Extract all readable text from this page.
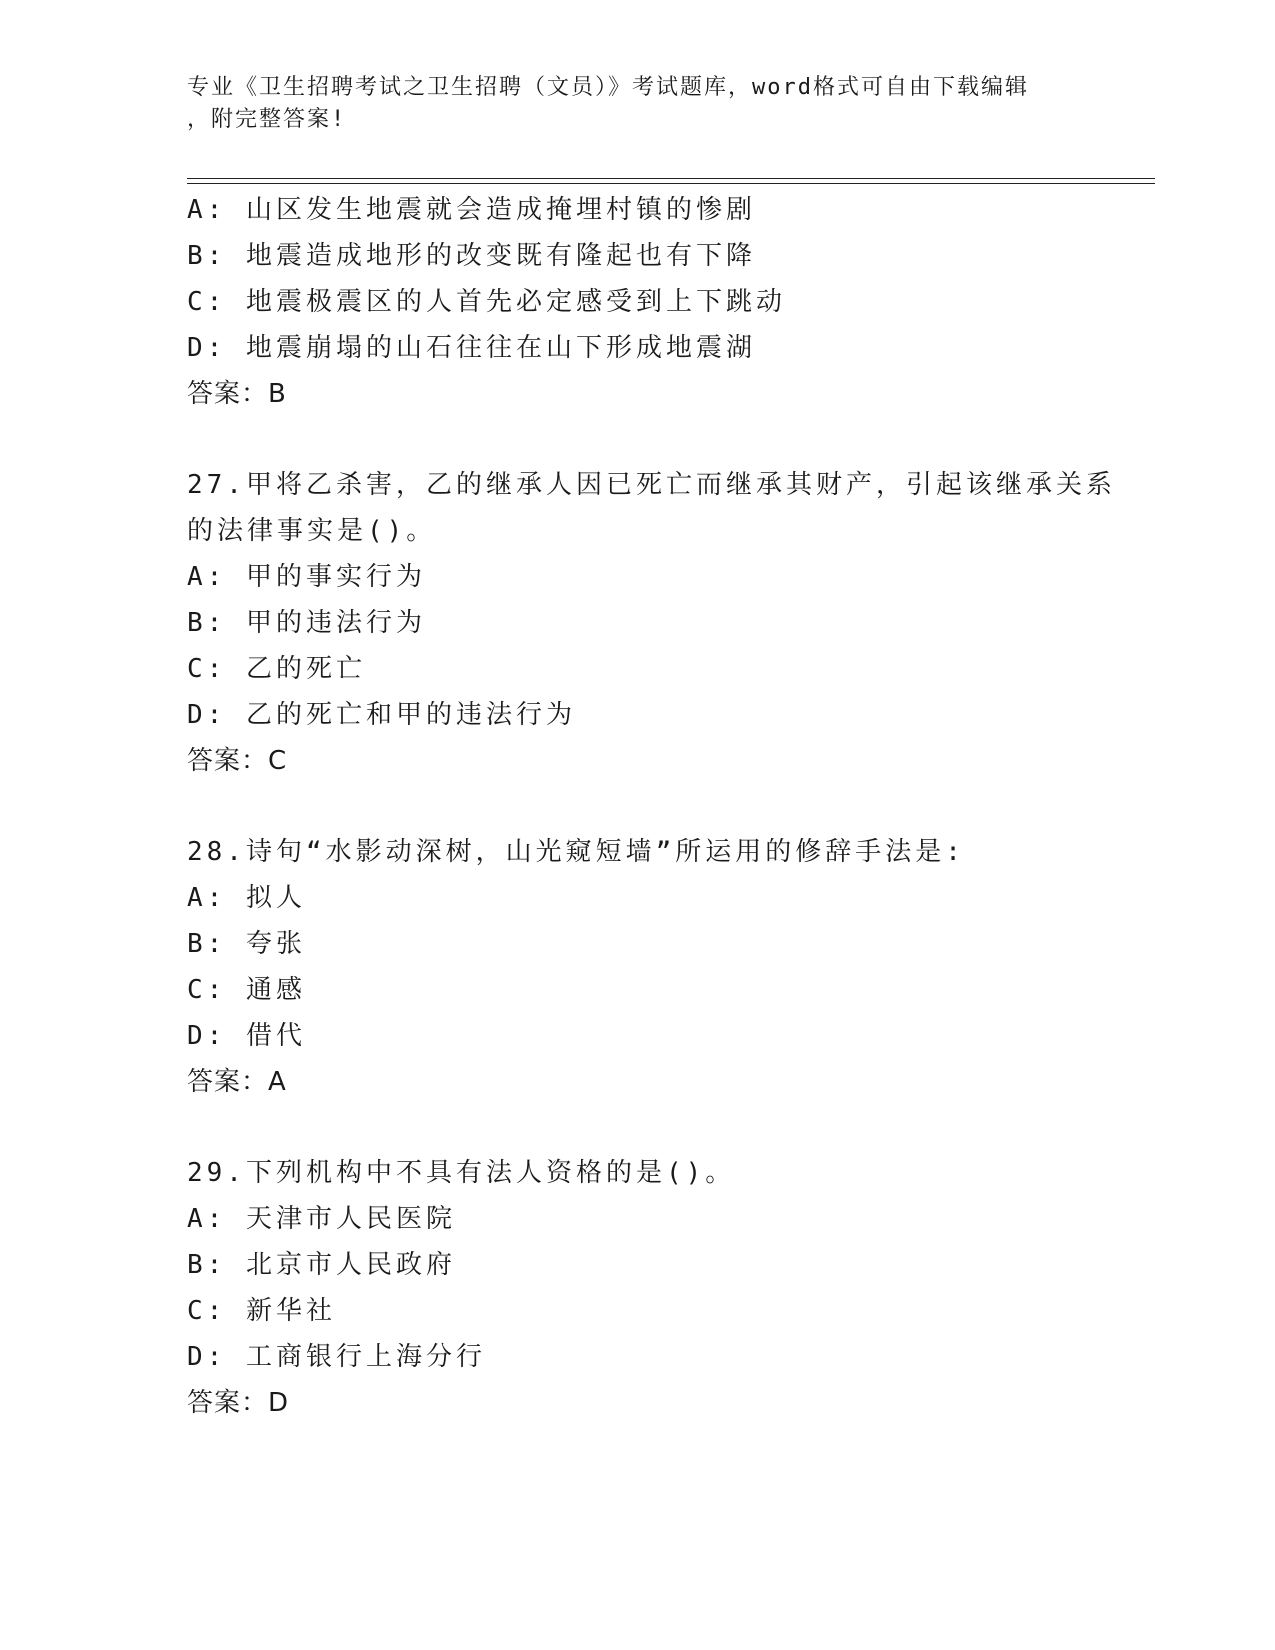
专业《卫生招聘考试之卫生招聘（文员）》考试题库，word格式可自由下载编辑
，附完整答案!
A: 山区发生地震就会造成掩埋村镇的惨剧
B: 地震造成地形的改变既有隆起也有下降
C: 地震极震区的人首先必定感受到上下跳动
D: 地震崩塌的山石往往在山下形成地震湖
答案：B
27.甲将乙杀害，乙的继承人因已死亡而继承其财产，引起该继承关系
的法律事实是()。
A: 甲的事实行为
B: 甲的违法行为
C: 乙的死亡
D: 乙的死亡和甲的违法行为
答案：C
28.诗句“水影动深树，山光窥短墙”所运用的修辞手法是:
A: 拟人
B: 夸张
C: 通感
D: 借代
答案：A
29.下列机构中不具有法人资格的是()。
A: 天津市人民医院
B: 北京市人民政府
C: 新华社
D: 工商银行上海分行
答案：D
